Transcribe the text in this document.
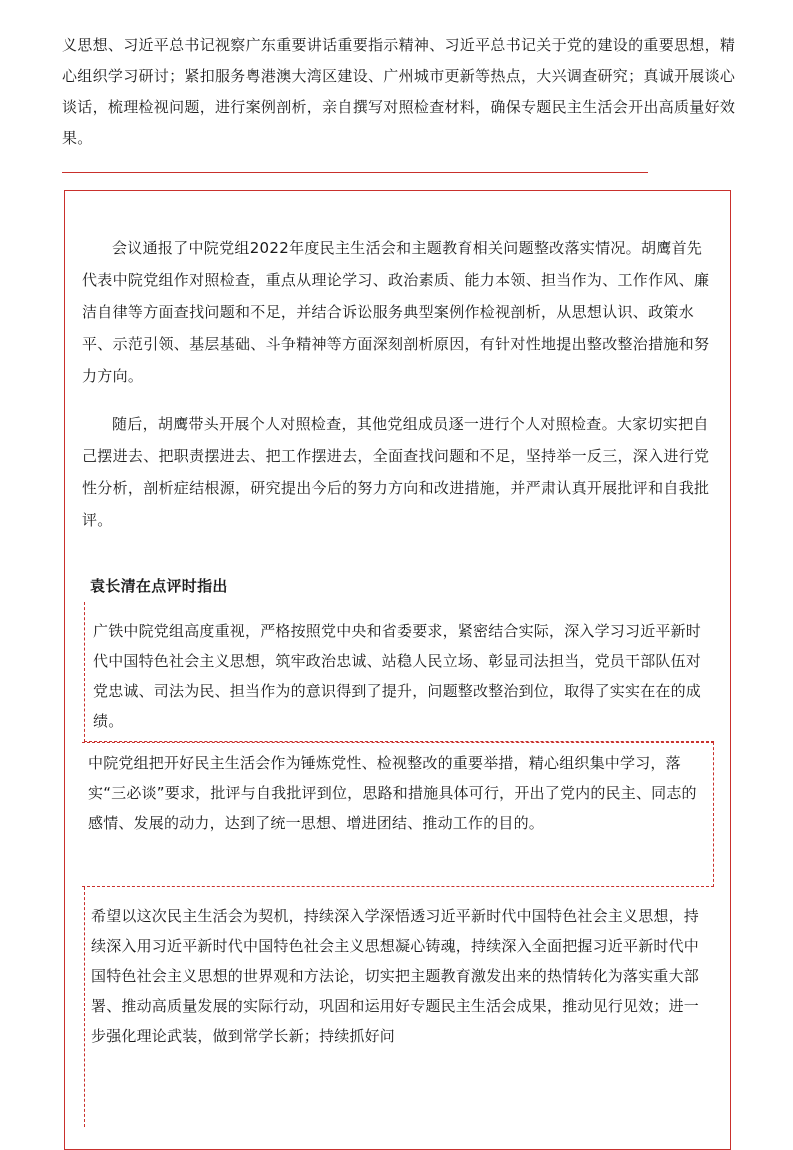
义思想、习近平总书记视察广东重要讲话重要指示精神、习近平总书记关于党的建设的重要思想，精心组织学习研讨；紧扣服务粤港澳大湾区建设、广州城市更新等热点，大兴调查研究；真诚开展谈心谈话，梳理检视问题，进行案例剖析，亲自撰写对照检查材料，确保专题民主生活会开出高质量好效果。

会议通报了中院党组2022年度民主生活会和主题教育相关问题整改落实情况。胡鹰首先代表中院党组作对照检查，重点从理论学习、政治素质、能力本领、担当作为、工作作风、廉洁自律等方面查找问题和不足，并结合诉讼服务典型案例作检视剖析，从思想认识、政策水平、示范引领、基层基础、斗争精神等方面深刻剖析原因，有针对性地提出整改整治措施和努力方向。

随后，胡鹰带头开展个人对照检查，其他党组成员逐一进行个人对照检查。大家切实把自己摆进去、把职责摆进去、把工作摆进去，全面查找问题和不足，坚持举一反三，深入进行党性分析，剖析症结根源，研究提出今后的努力方向和改进措施，并严肃认真开展批评和自我批评。

袁长清在点评时指出

广铁中院党组高度重视，严格按照党中央和省委要求，紧密结合实际，深入学习习近平新时代中国特色社会主义思想，筑牢政治忠诚、站稳人民立场、彰显司法担当，党员干部队伍对党忠诚、司法为民、担当作为的意识得到了提升，问题整改整治到位，取得了实实在在的成绩。

中院党组把开好民主生活会作为锤炼党性、检视整改的重要举措，精心组织集中学习，落实“三必谈”要求，批评与自我批评到位，思路和措施具体可行，开出了党内的民主、同志的感情、发展的动力，达到了统一思想、增进团结、推动工作的目的。

希望以这次民主生活会为契机，持续深入学深悟透习近平新时代中国特色社会主义思想，持续深入用习近平新时代中国特色社会主义思想凝心铸魂，持续深入全面把握习近平新时代中国特色社会主义思想的世界观和方法论，切实把主题教育激发出来的热情转化为落实重大部署、推动高质量发展的实际行动，巩固和运用好专题民主生活会成果，推动见行见效；进一步强化理论武装，做到常学长新；持续抓好问
